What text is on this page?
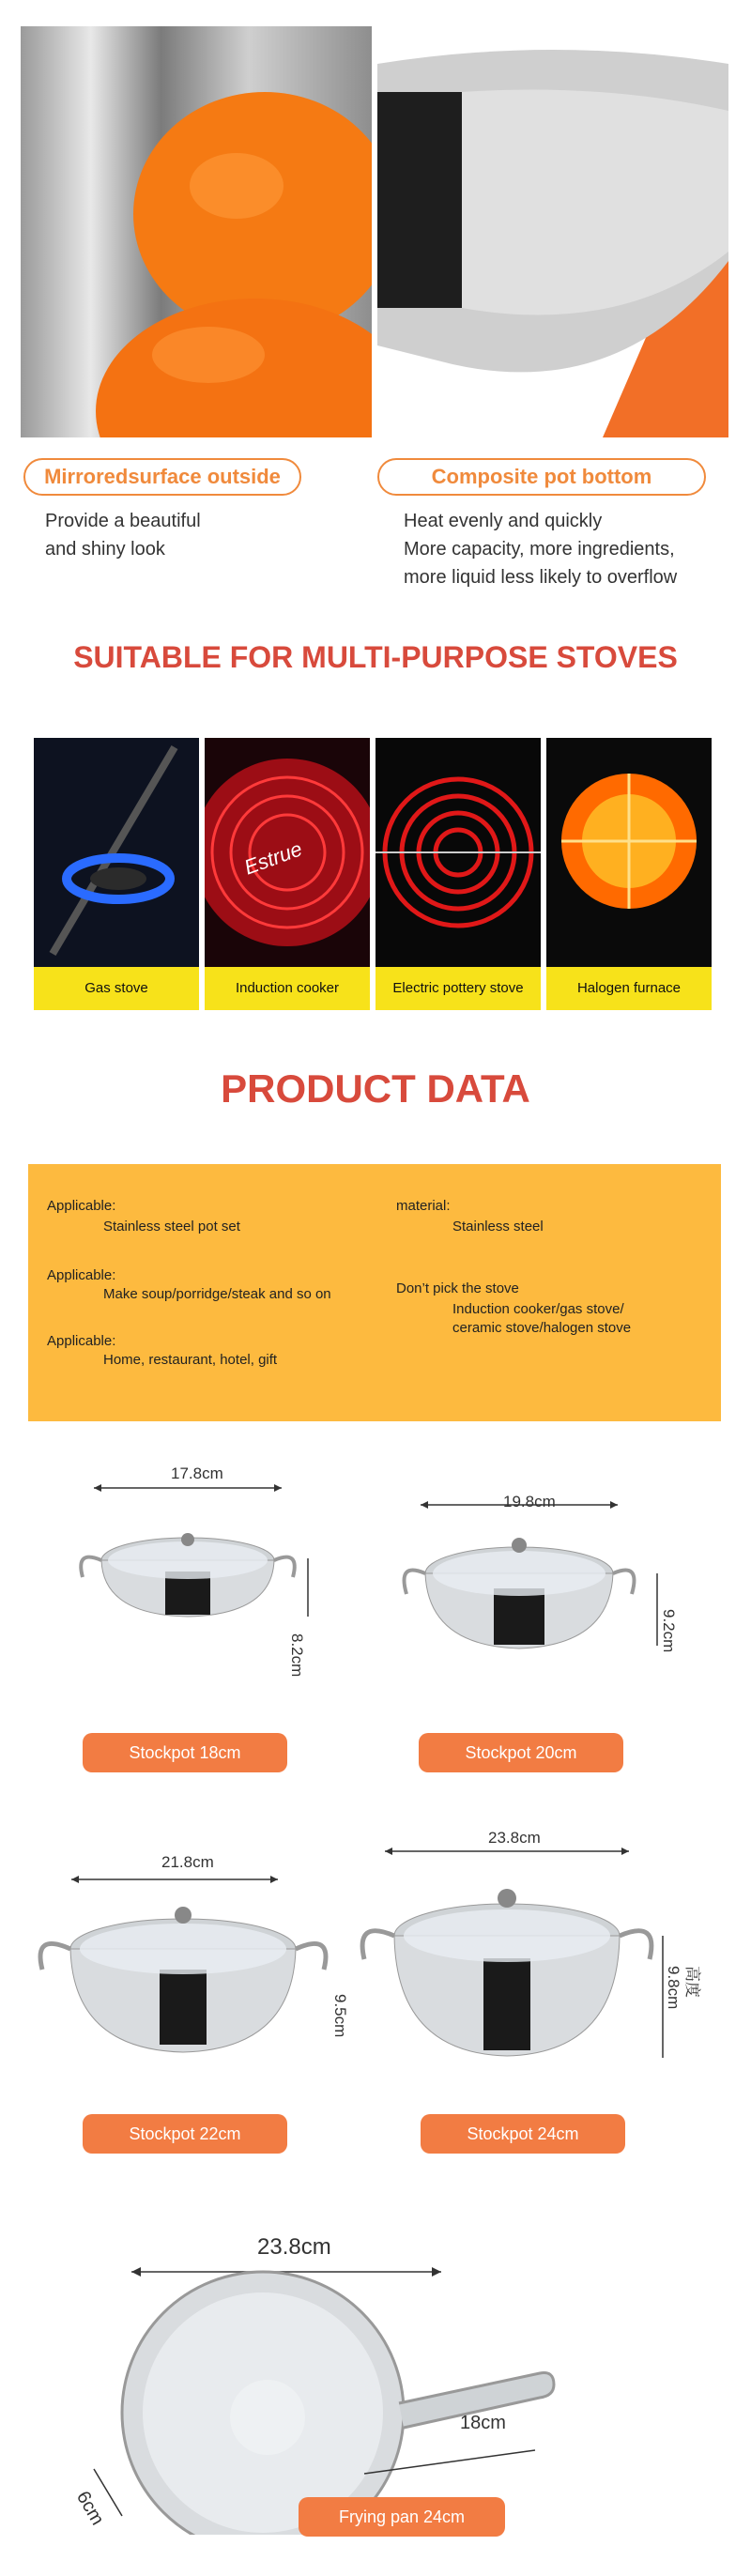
Mirroredsurface outside	Composite pot bottom
Provide a beautiful
and shiny look
Heat evenly and quickly
More capacity, more ingredients,
more liquid less likely to overflow
SUITABLE FOR MULTI-PURPOSE STOVES
Gas stove
Estrue
Induction cooker	Electric pottery stove	Halogen furnace
PRODUCT DATA
Applicable:
Stainless steel pot set
Applicable:
Make soup/porridge/steak and so on
Applicable:
Home, restaurant, hotel, gift
material:
Stainless steel
Don’t pick the stove
Induction cooker/gas stove/
ceramic stove/halogen stove
17.8cm
8.2cm
Stockpot 18cm
19.8cm
9.2cm
Stockpot 20cm
21.8cm
9.5cm
Stockpot 22cm
23.8cm
高度9.8cm
Stockpot 24cm
23.8cm
18cm
6cm	Frying pan 24cm
